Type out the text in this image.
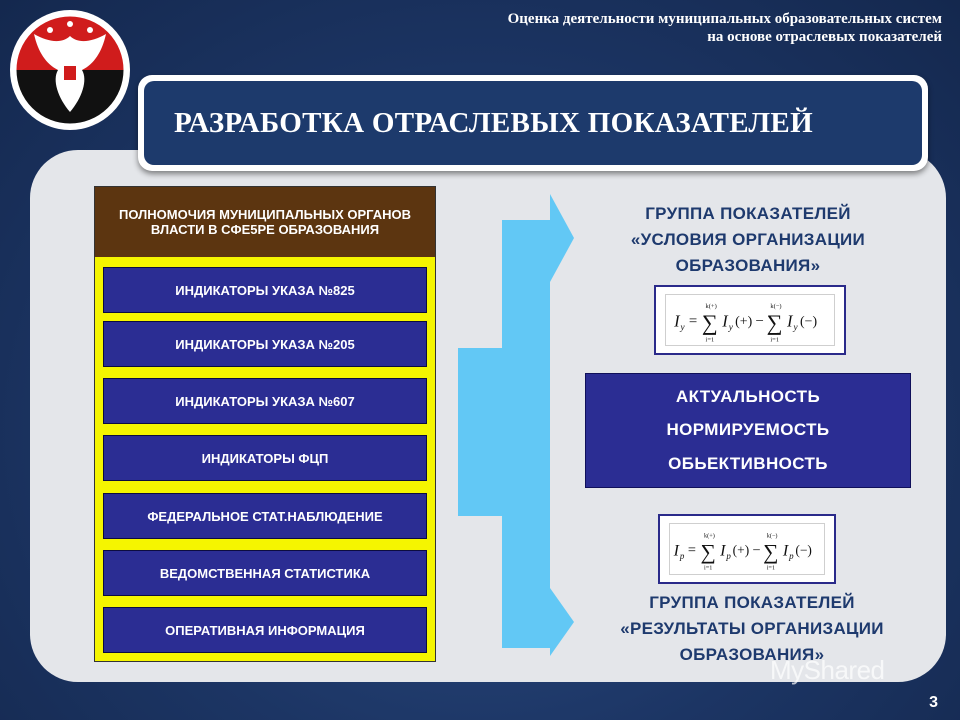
Оценка деятельности муниципальных образовательных систем
на основе отраслевых показателей
РАЗРАБОТКА ОТРАСЛЕВЫХ ПОКАЗАТЕЛЕЙ
ПОЛНОМОЧИЯ МУНИЦИПАЛЬНЫХ ОРГАНОВ ВЛАСТИ В СФЕ5РЕ ОБРАЗОВАНИЯ
ИНДИКАТОРЫ УКАЗА №825
ИНДИКАТОРЫ УКАЗА №205
ИНДИКАТОРЫ УКАЗА №607
ИНДИКАТОРЫ ФЦП
ФЕДЕРАЛЬНОЕ СТАТ.НАБЛЮДЕНИЕ
ВЕДОМСТВЕННАЯ СТАТИСТИКА
ОПЕРАТИВНАЯ ИНФОРМАЦИЯ
ГРУППА ПОКАЗАТЕЛЕЙ
«УСЛОВИЯ ОРГАНИЗАЦИИ
ОБРАЗОВАНИЯ»
I y = ∑
k(+)
i=1
I y (+) − ∑
k(−)
i=1
I y (−)
АКТУАЛЬНОСТЬ
НОРМИРУЕМОСТЬ
ОБЬЕКТИВНОСТЬ
I p = ∑
k(+)
i=1
I p (+) − ∑
k(−)
i=1
I p (−)
ГРУППА ПОКАЗАТЕЛЕЙ
«РЕЗУЛЬТАТЫ ОРГАНИЗАЦИИ
ОБРАЗОВАНИЯ»
MyShared
3
